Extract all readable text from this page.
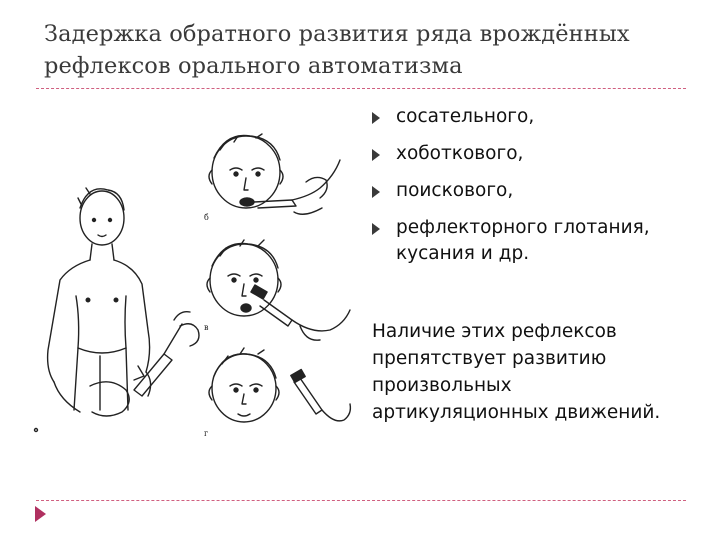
Задержка обратного развития ряда врождённых рефлексов орального автоматизма
б
в
г
сосательного,
хоботкового,
поискового,
рефлекторного глотания, кусания и др.
Наличие этих рефлексов препятствует развитию произвольных артикуляционных движений.
